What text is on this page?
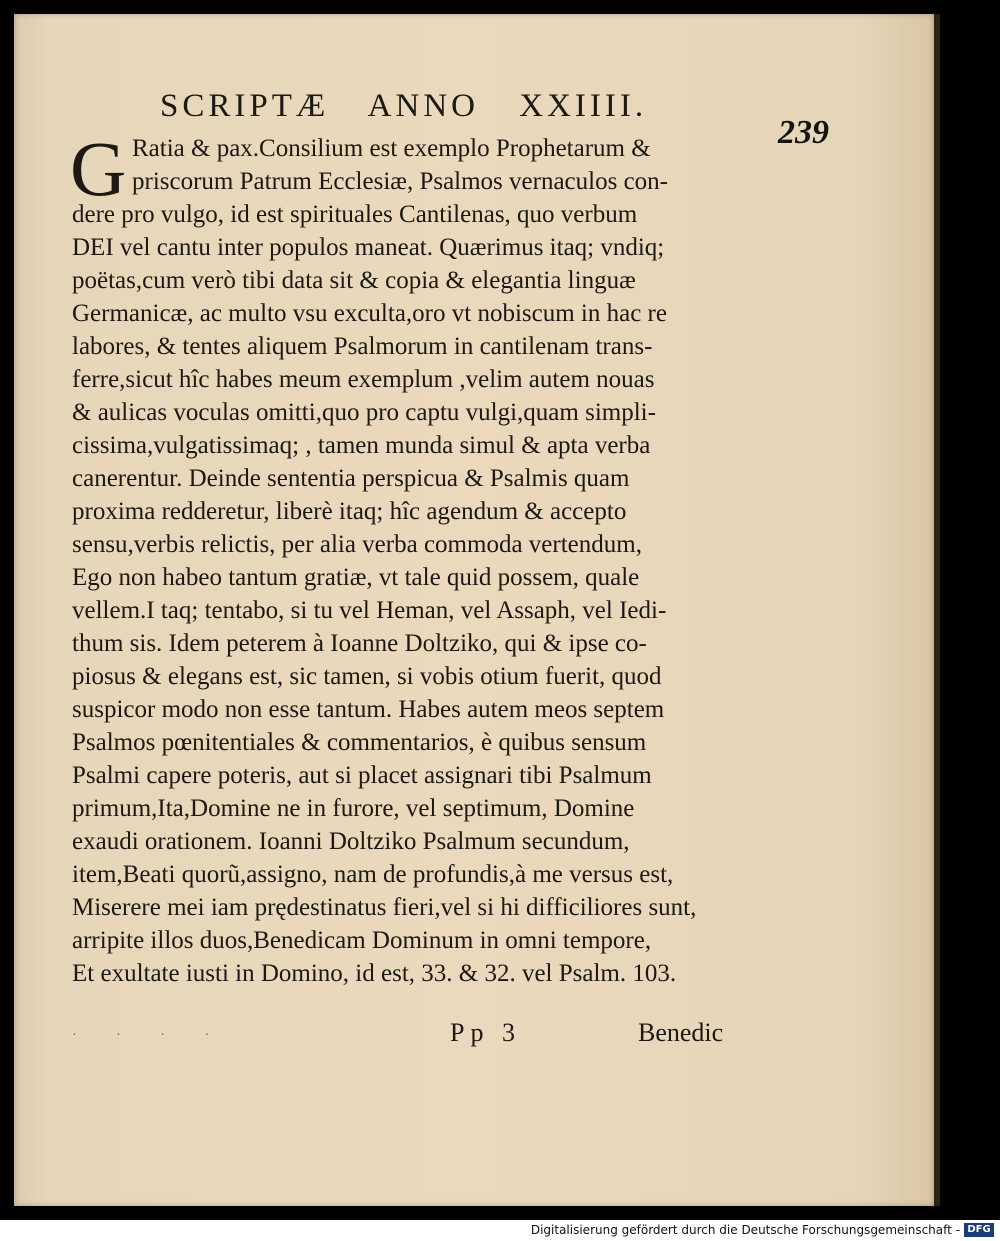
SCRIPTÆ ANNO XXIIII.
239
G Ratia & pax.Consilium est exemplo Prophetarum &
priscorum Patrum Ecclesiæ, Psalmos vernaculos con-
dere pro vulgo, id est spirituales Cantilenas, quo verbum
DEI vel cantu inter populos maneat. Quærimus itaq; vndiq;
poëtas,cum verò tibi data sit & copia & elegantia linguæ
Germanicæ, ac multo vsu exculta,oro vt nobiscum in hac re
labores, & tentes aliquem Psalmorum in cantilenam trans-
ferre,sicut hîc habes meum exemplum ,velim autem nouas
& aulicas voculas omitti,quo pro captu vulgi,quam simpli-
cissima,vulgatissimaq; , tamen munda simul & apta verba
canerentur. Deinde sententia perspicua & Psalmis quam
proxima redderetur, liberè itaq; hîc agendum & accepto
sensu,verbis relictis, per alia verba commoda vertendum,
Ego non habeo tantum gratiæ, vt tale quid possem, quale
vellem.I taq; tentabo, si tu vel Heman, vel Assaph, vel Iedi-
thum sis. Idem peterem à Ioanne Doltziko, qui & ipse co-
piosus & elegans est, sic tamen, si vobis otium fuerit, quod
suspicor modo non esse tantum. Habes autem meos septem
Psalmos pœnitentiales & commentarios, è quibus sensum
Psalmi capere poteris, aut si placet assignari tibi Psalmum
primum,Ita,Domine ne in furore, vel septimum, Domine
exaudi orationem. Ioanni Doltziko Psalmum secundum,
item,Beati quorũ,assigno, nam de profundis,à me versus est,
Miserere mei iam prędestinatus fieri,vel si hi difficiliores sunt,
arripite illos duos,Benedicam Dominum in omni tempore,
Et exultate iusti in Domino, id est, 33. & 32. vel Psalm. 103.
· · · ·	Pp 3	Benedic
Digitalisierung gefördert durch die Deutsche Forschungsgemeinschaft - DFG
